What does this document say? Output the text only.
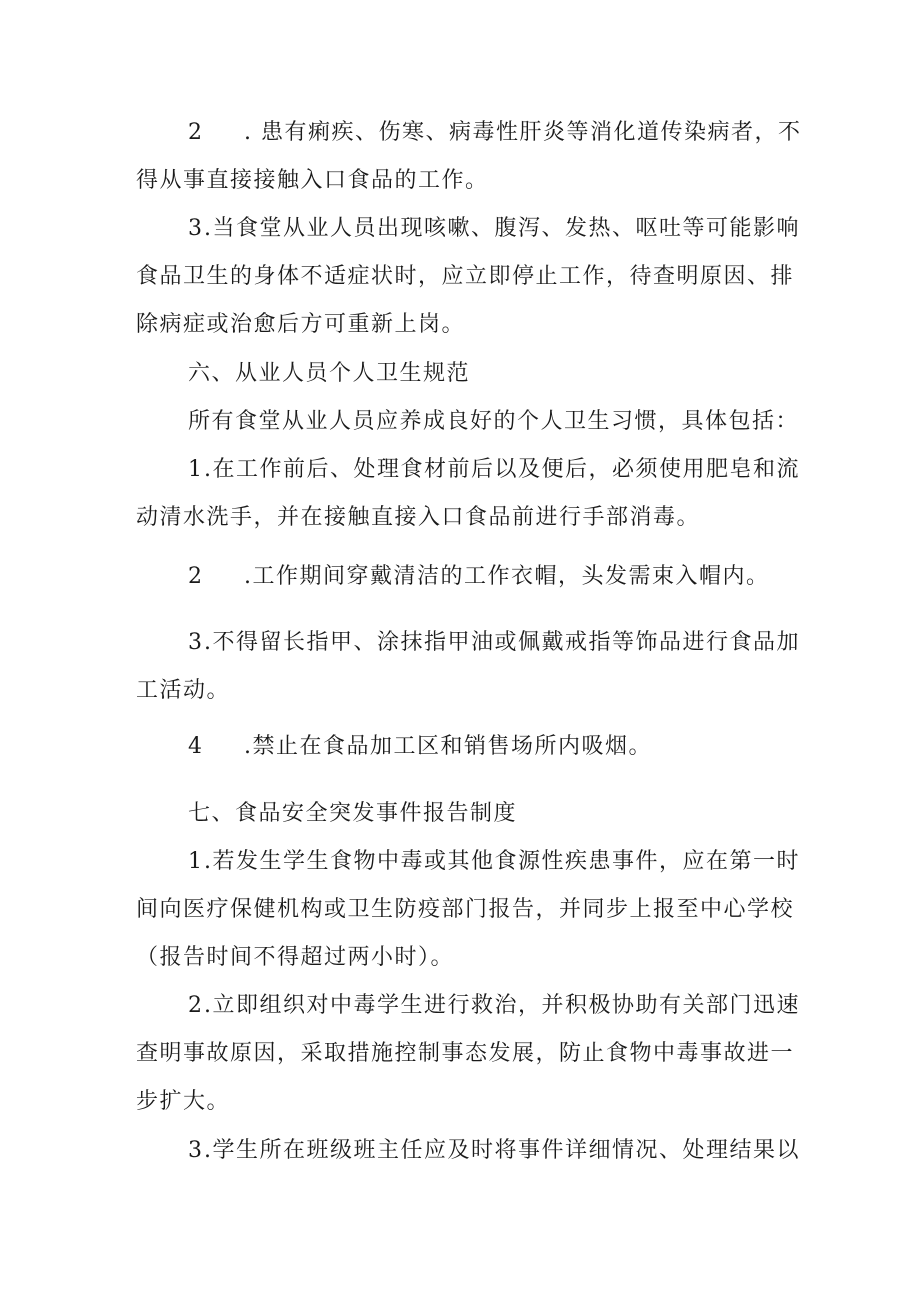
2 . 患有痢疾、伤寒、病毒性肝炎等消化道传染病者，不
得从事直接接触入口食品的工作。
3.当食堂从业人员出现咳嗽、腹泻、发热、呕吐等可能影响
食品卫生的身体不适症状时，应立即停止工作，待查明原因、排
除病症或治愈后方可重新上岗。
六、从业人员个人卫生规范
所有食堂从业人员应养成良好的个人卫生习惯，具体包括：
1.在工作前后、处理食材前后以及便后，必须使用肥皂和流
动清水洗手，并在接触直接入口食品前进行手部消毒。
2 .工作期间穿戴清洁的工作衣帽，头发需束入帽内。
3.不得留长指甲、涂抹指甲油或佩戴戒指等饰品进行食品加
工活动。
4 .禁止在食品加工区和销售场所内吸烟。
七、食品安全突发事件报告制度
1.若发生学生食物中毒或其他食源性疾患事件，应在第一时
间向医疗保健机构或卫生防疫部门报告，并同步上报至中心学校
（报告时间不得超过两小时）。
2.立即组织对中毒学生进行救治，并积极协助有关部门迅速
查明事故原因，采取措施控制事态发展，防止食物中毒事故进一
步扩大。
3.学生所在班级班主任应及时将事件详细情况、处理结果以
